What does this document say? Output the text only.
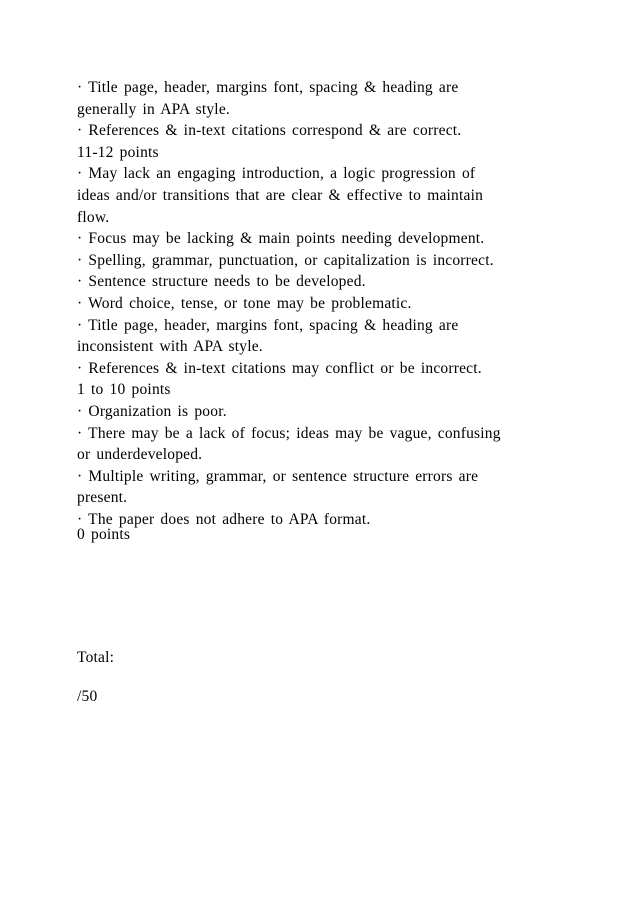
· Title page, header, margins font, spacing & heading are
generally in APA style.
· References & in-text citations correspond & are correct.
11-12 points
· May lack an engaging introduction, a logic progression of
ideas and/or transitions that are clear & effective to maintain
flow.
· Focus may be lacking & main points needing development.
· Spelling, grammar, punctuation, or capitalization is incorrect.
· Sentence structure needs to be developed.
· Word choice, tense, or tone may be problematic.
· Title page, header, margins font, spacing & heading are
inconsistent with APA style.
· References & in-text citations may conflict or be incorrect.
1 to 10 points
· Organization is poor.
· There may be a lack of focus; ideas may be vague, confusing
or underdeveloped.
· Multiple writing, grammar, or sentence structure errors are
present.
· The paper does not adhere to APA format.
0 points
Total:
/50
